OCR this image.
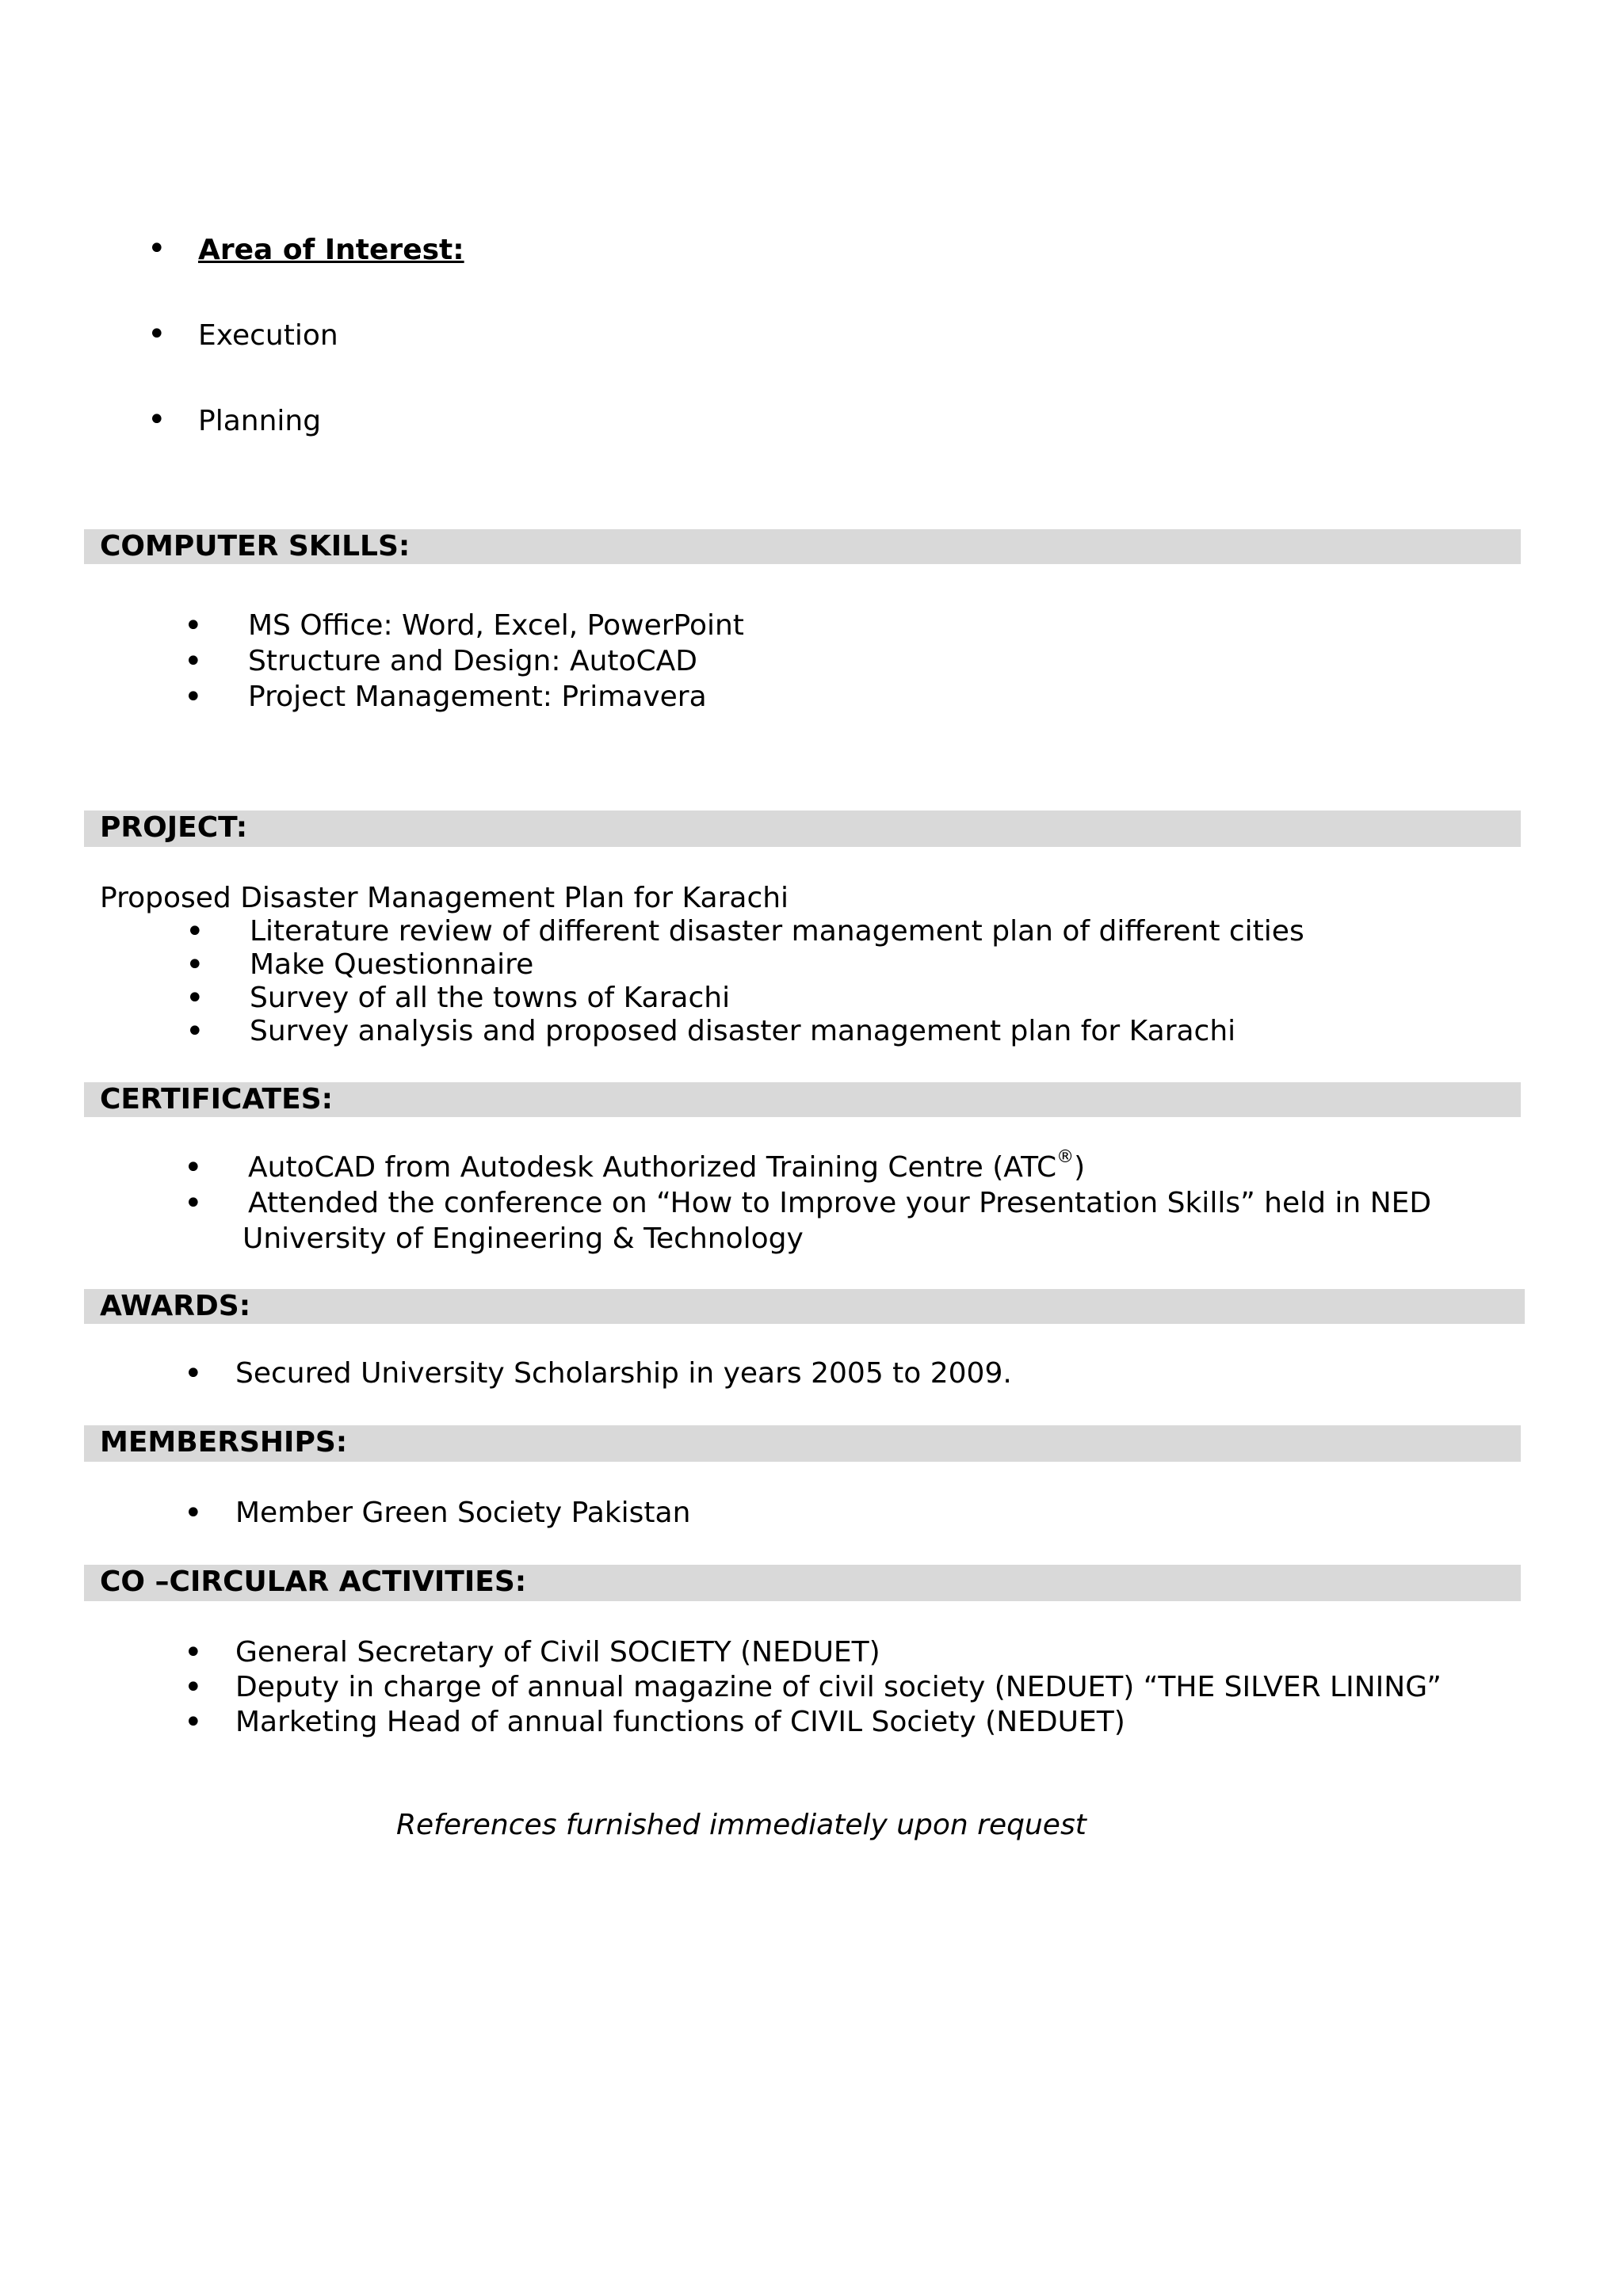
• Area of Interest:
• Execution
• Planning
COMPUTER SKILLS:
• MS Office: Word, Excel, PowerPoint
• Structure and Design: AutoCAD
• Project Management: Primavera
PROJECT:
Proposed Disaster Management Plan for Karachi
• Literature review of different disaster management plan of different cities
• Make Questionnaire
• Survey of all the towns of Karachi
• Survey analysis and proposed disaster management plan for Karachi
CERTIFICATES:
• AutoCAD from Autodesk Authorized Training Centre (ATC®)
• Attended the conference on “How to Improve your Presentation Skills” held in NED
University of Engineering & Technology
AWARDS:
• Secured University Scholarship in years 2005 to 2009.
MEMBERSHIPS:
• Member Green Society Pakistan
CO –CIRCULAR ACTIVITIES:
• General Secretary of Civil SOCIETY (NEDUET)
• Deputy in charge of annual magazine of civil society (NEDUET) “THE SILVER LINING”
• Marketing Head of annual functions of CIVIL Society (NEDUET)
References furnished immediately upon request
